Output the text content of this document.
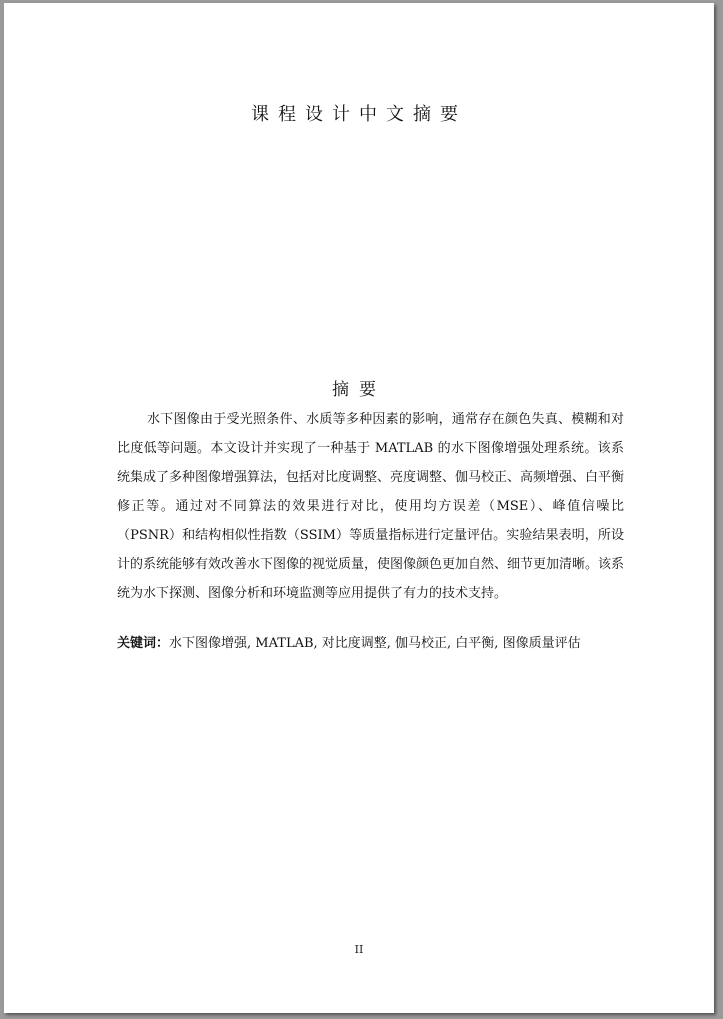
课程设计中文摘要
摘要

水下图像由于受光照条件、水质等多种因素的影响，通常存在颜色失真、模糊和对比度低等问题。本文设计并实现了一种基于 MATLAB 的水下图像增强处理系统。该系统集成了多种图像增强算法，包括对比度调整、亮度调整、伽马校正、高频增强、白平衡修正等。通过对不同算法的效果进行对比，使用均方误差（MSE）、峰值信噪比（PSNR）和结构相似性指数（SSIM）等质量指标进行定量评估。实验结果表明，所设计的系统能够有效改善水下图像的视觉质量，使图像颜色更加自然、细节更加清晰。该系统为水下探测、图像分析和环境监测等应用提供了有力的技术支持。

关键词：水下图像增强, MATLAB, 对比度调整, 伽马校正, 白平衡, 图像质量评估

II
